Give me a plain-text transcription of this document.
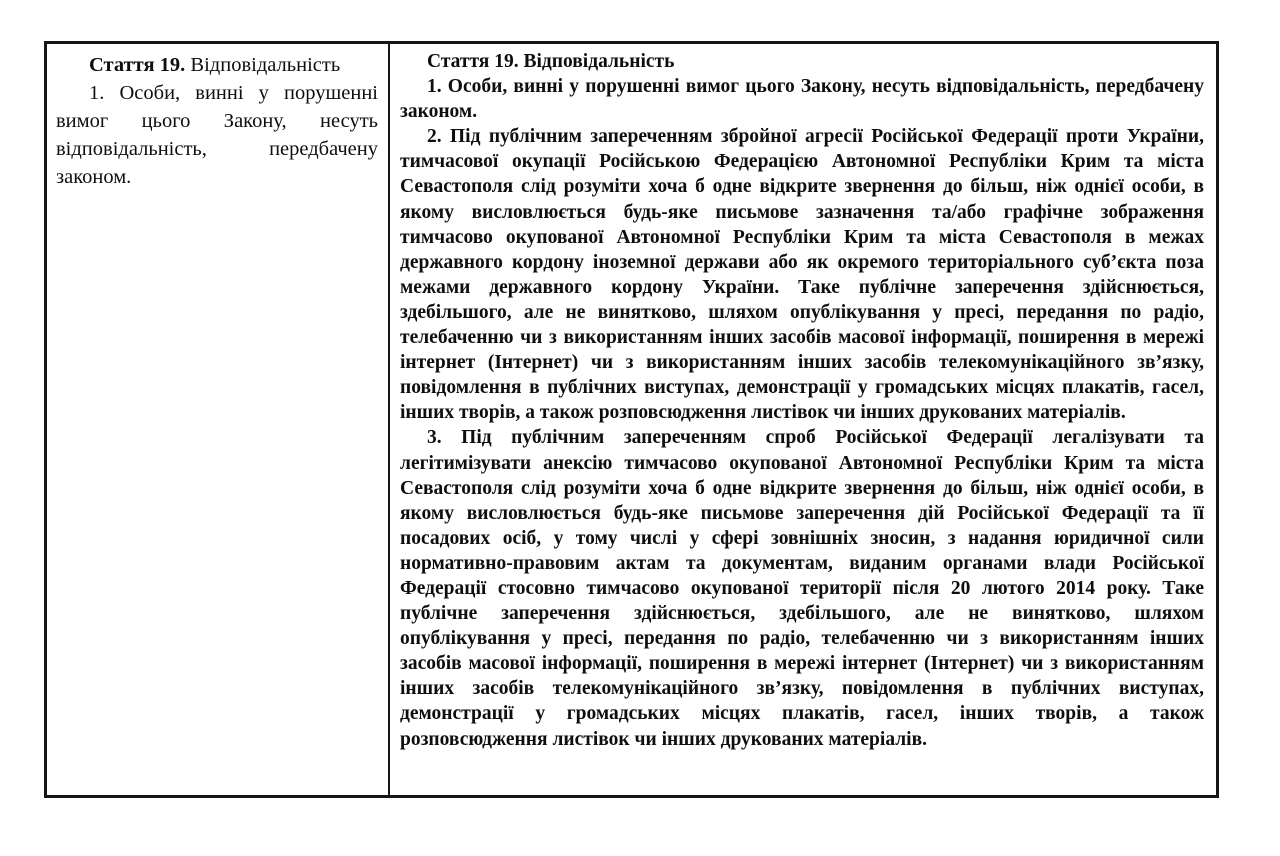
Стаття 19. Відповідальність

1. Особи, винні у порушенні вимог цього Закону, несуть відповідальність, передбачену законом.

Стаття 19. Відповідальність

1. Особи, винні у порушенні вимог цього Закону, несуть відповідальність, передбачену законом.

2. Під публічним запереченням збройної агресії Російської Федерації проти України, тимчасової окупації Російською Федерацією Автономної Республіки Крим та міста Севастополя слід розуміти хоча б одне відкрите звернення до більш, ніж однієї особи, в якому висловлюється будь-яке письмове зазначення та/або графічне зображення тимчасово окупованої Автономної Республіки Крим та міста Севастополя в межах державного кордону іноземної держави або як окремого територіального суб’єкта поза межами державного кордону України. Таке публічне заперечення здійснюється, здебільшого, але не винятково, шляхом опублікування у пресі, передання по радіо, телебаченню чи з використанням інших засобів масової інформації, поширення в мережі інтернет (Інтернет) чи з використанням інших засобів телекомунікаційного зв’язку, повідомлення в публічних виступах, демонстрації у громадських місцях плакатів, гасел, інших творів, а також розповсюдження листівок чи інших друкованих матеріалів.

3. Під публічним запереченням спроб Російської Федерації легалізувати та легітимізувати анексію тимчасово окупованої Автономної Республіки Крим та міста Севастополя слід розуміти хоча б одне відкрите звернення до більш, ніж однієї особи, в якому висловлюється будь-яке письмове заперечення дій Російської Федерації та її посадових осіб, у тому числі у сфері зовнішніх зносин, з надання юридичної сили нормативно-правовим актам та документам, виданим органами влади Російської Федерації стосовно тимчасово окупованої території після 20 лютого 2014 року. Таке публічне заперечення здійснюється, здебільшого, але не винятково, шляхом опублікування у пресі, передання по радіо, телебаченню чи з використанням інших засобів масової інформації, поширення в мережі інтернет (Інтернет) чи з використанням інших засобів телекомунікаційного зв’язку, повідомлення в публічних виступах, демонстрації у громадських місцях плакатів, гасел, інших творів, а також розповсюдження листівок чи інших друкованих матеріалів.
